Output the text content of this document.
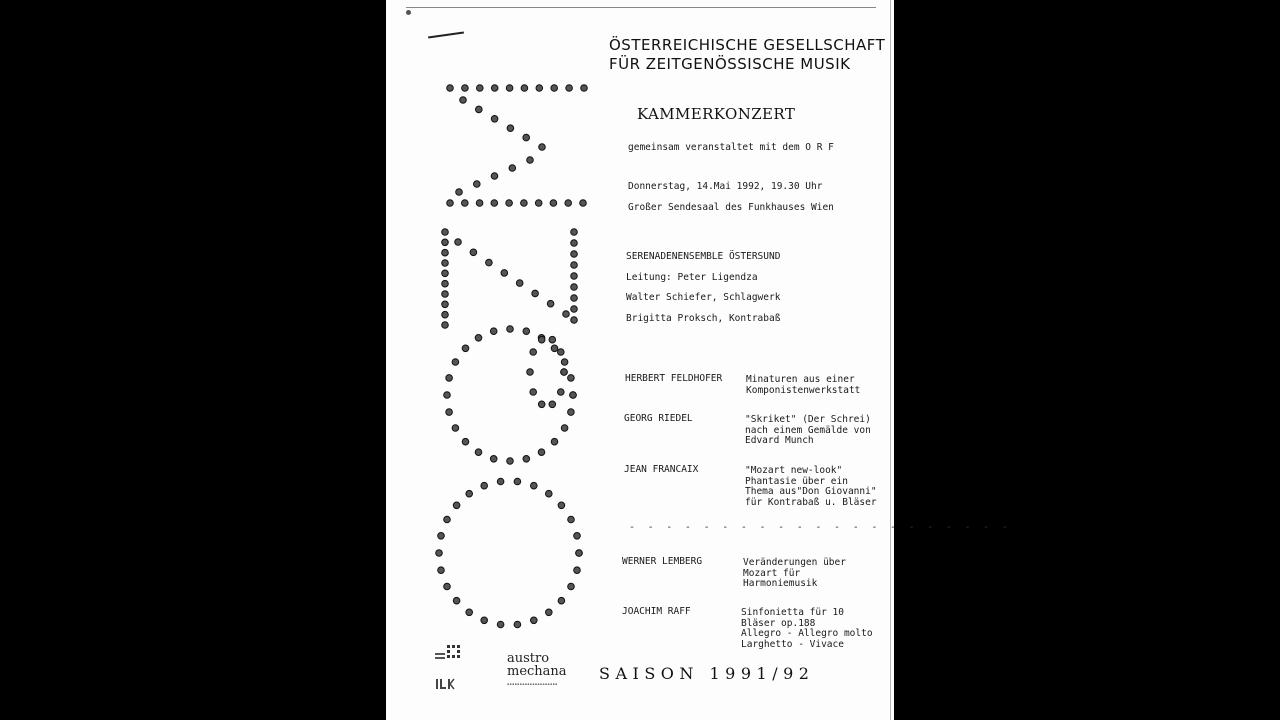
ÖSTERREICHISCHE GESELLSCHAFT
FÜR ZEITGENÖSSISCHE MUSIK
KAMMERKONZERT
gemeinsam veranstaltet mit dem O R F
Donnerstag, 14.Mai 1992, 19.30 Uhr
Großer Sendesaal des Funkhauses Wien
SERENADENENSEMBLE ÖSTERSUND
Leitung: Peter Ligendza
Walter Schiefer, Schlagwerk
Brigitta Proksch, Kontrabaß
HERBERT FELDHOFER	Minaturen aus einer
Komponistenwerkstatt
GEORG RIEDEL	"Skriket" (Der Schrei)
nach einem Gemälde von
Edvard Munch
JEAN FRANCAIX	"Mozart new-look"
Phantasie über ein
Thema aus"Don Giovanni"
für Kontrabaß u. Bläser
- - - - - - - - - - - - - - - - - - - - -
WERNER LEMBERG	Veränderungen über
Mozart für
Harmoniemusik
JOACHIM RAFF	Sinfonietta für 10
Bläser op.188
Allegro - Allegro molto
Larghetto - Vivace
SAISON 1991/92
austro
mechana
▪▪▪▪▪▪▪▪▪▪▪▪▪▪▪▪▪▪▪▪
